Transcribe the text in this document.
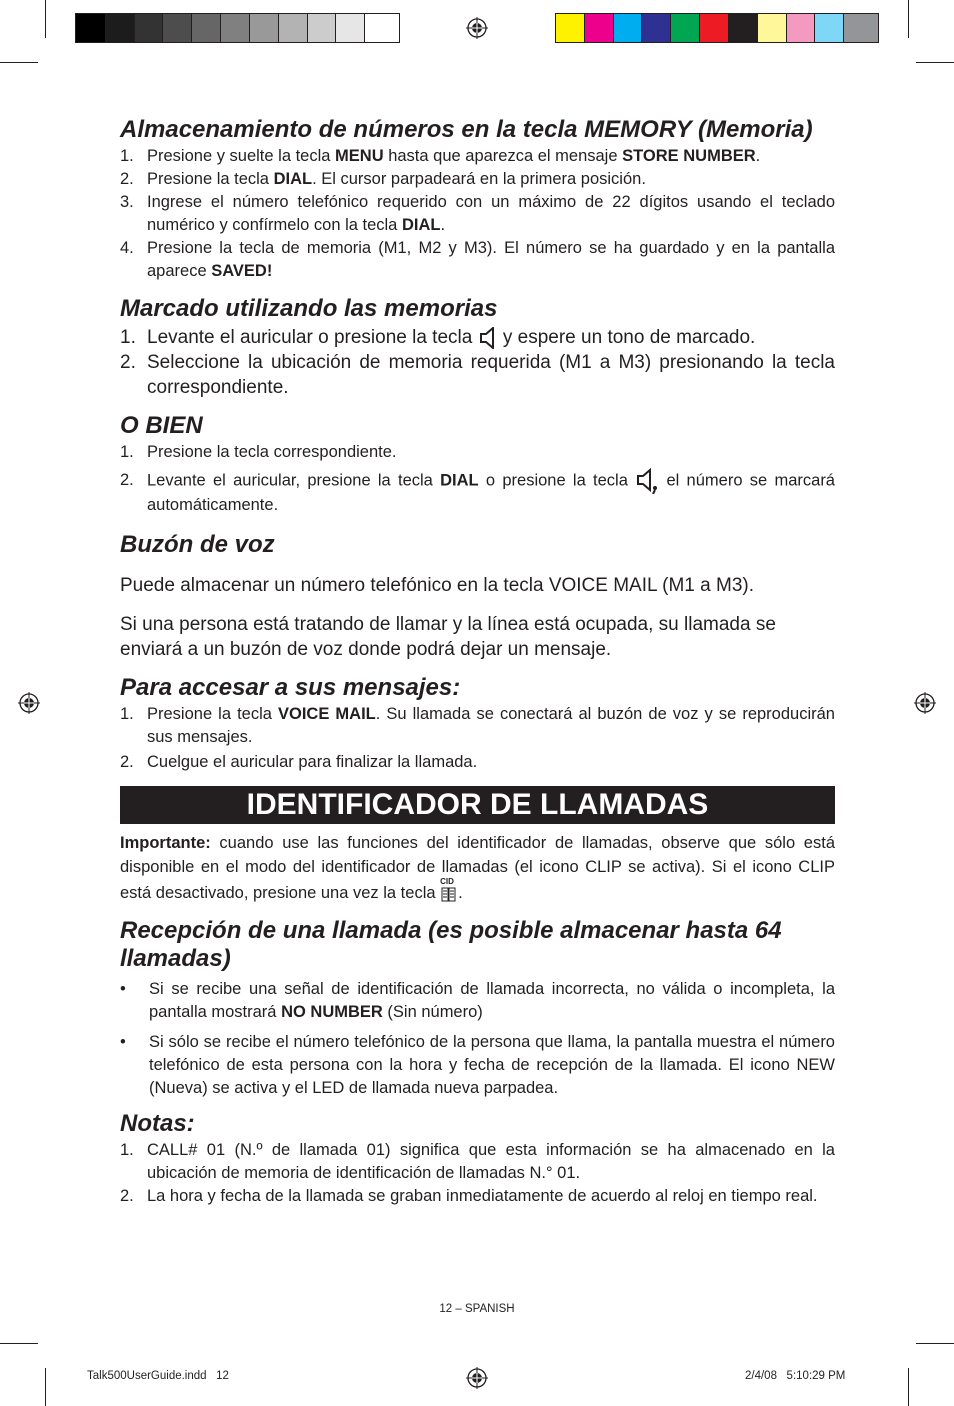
Almacenamiento de números en la tecla MEMORY (Memoria)
1. Presione y suelte la tecla MENU hasta que aparezca el mensaje STORE NUMBER.
2. Presione la tecla DIAL. El cursor parpadeará en la primera posición.
3. Ingrese el número telefónico requerido con un máximo de 22 dígitos usando el teclado numérico y confírmelo con la tecla DIAL.
4. Presione la tecla de memoria (M1, M2 y M3). El número se ha guardado y en la pantalla aparece SAVED!
Marcado utilizando las memorias
1. Levante el auricular o presione la tecla  y espere un tono de marcado.
2. Seleccione la ubicación de memoria requerida (M1 a M3) presionando la tecla correspondiente.
O BIEN
1. Presione la tecla correspondiente.
2. Levante el auricular, presione la tecla DIAL o presione la tecla  el número se marcará automáticamente.
Buzón de voz

Puede almacenar un número telefónico en la tecla VOICE MAIL (M1 a M3).

Si una persona está tratando de llamar y la línea está ocupada, su llamada se enviará a un buzón de voz donde podrá dejar un mensaje.

Para accesar a sus mensajes:
1. Presione la tecla VOICE MAIL. Su llamada se conectará al buzón de voz y se reproducirán sus mensajes.
2. Cuelgue el auricular para finalizar la llamada.
IDENTIFICADOR DE LLAMADAS

Importante: cuando use las funciones del identificador de llamadas, observe que sólo está disponible en el modo del identificador de llamadas (el icono CLIP se activa). Si el icono CLIP está desactivado, presione una vez la tecla
CID
.

Recepción de una llamada (es posible almacenar hasta 64 llamadas)
• Si se recibe una señal de identificación de llamada incorrecta, no válida o incompleta, la pantalla mostrará NO NUMBER (Sin número)
• Si sólo se recibe el número telefónico de la persona que llama, la pantalla muestra el número telefónico de esta persona con la hora y fecha de recepción de la llamada. El icono NEW (Nueva) se activa y el LED de llamada nueva parpadea.
Notas:
1. CALL# 01 (N.º de llamada 01) significa que esta información se ha almacenado en la ubicación de memoria de identificación de llamadas N.° 01.
2. La hora y fecha de la llamada se graban inmediatamente de acuerdo al reloj en tiempo real.
12 – SPANISH
Talk500UserGuide.indd   12	2/4/08   5:10:29 PM
